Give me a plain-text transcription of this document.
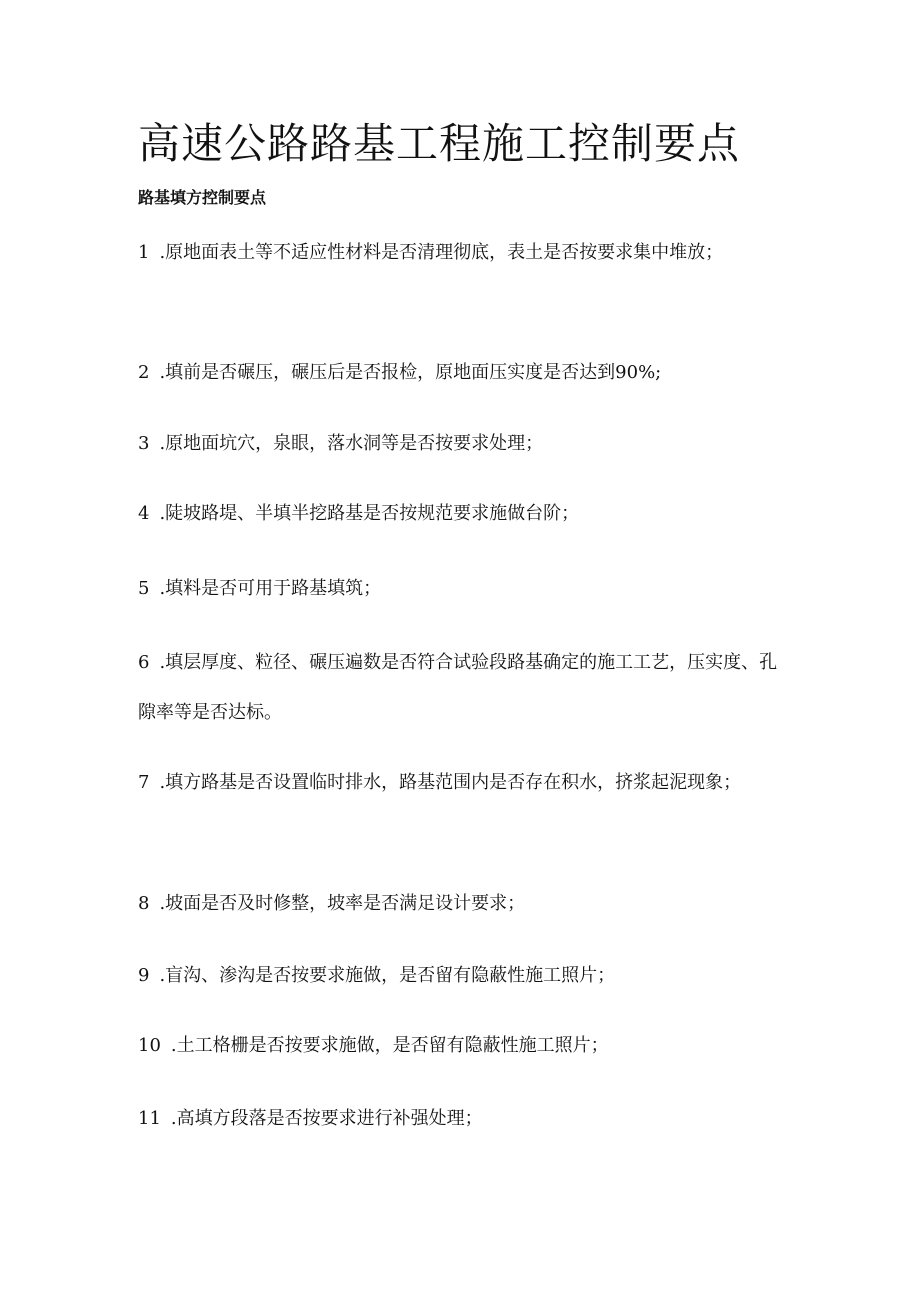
高速公路路基工程施工控制要点
路基填方控制要点

1 .原地面表土等不适应性材料是否清理彻底，表土是否按要求集中堆放；

2 .填前是否碾压，碾压后是否报检，原地面压实度是否达到90%;

3 .原地面坑穴，泉眼，落水洞等是否按要求处理；

4 .陡坡路堤、半填半挖路基是否按规范要求施做台阶；

5 .填料是否可用于路基填筑；

6 .填层厚度、粒径、碾压遍数是否符合试验段路基确定的施工工艺，压实度、孔隙率等是否达标。

7 .填方路基是否设置临时排水，路基范围内是否存在积水，挤浆起泥现象；

8 .坡面是否及时修整，坡率是否满足设计要求；

9 .盲沟、渗沟是否按要求施做，是否留有隐蔽性施工照片；

10 .土工格栅是否按要求施做，是否留有隐蔽性施工照片；

11 .高填方段落是否按要求进行补强处理；
